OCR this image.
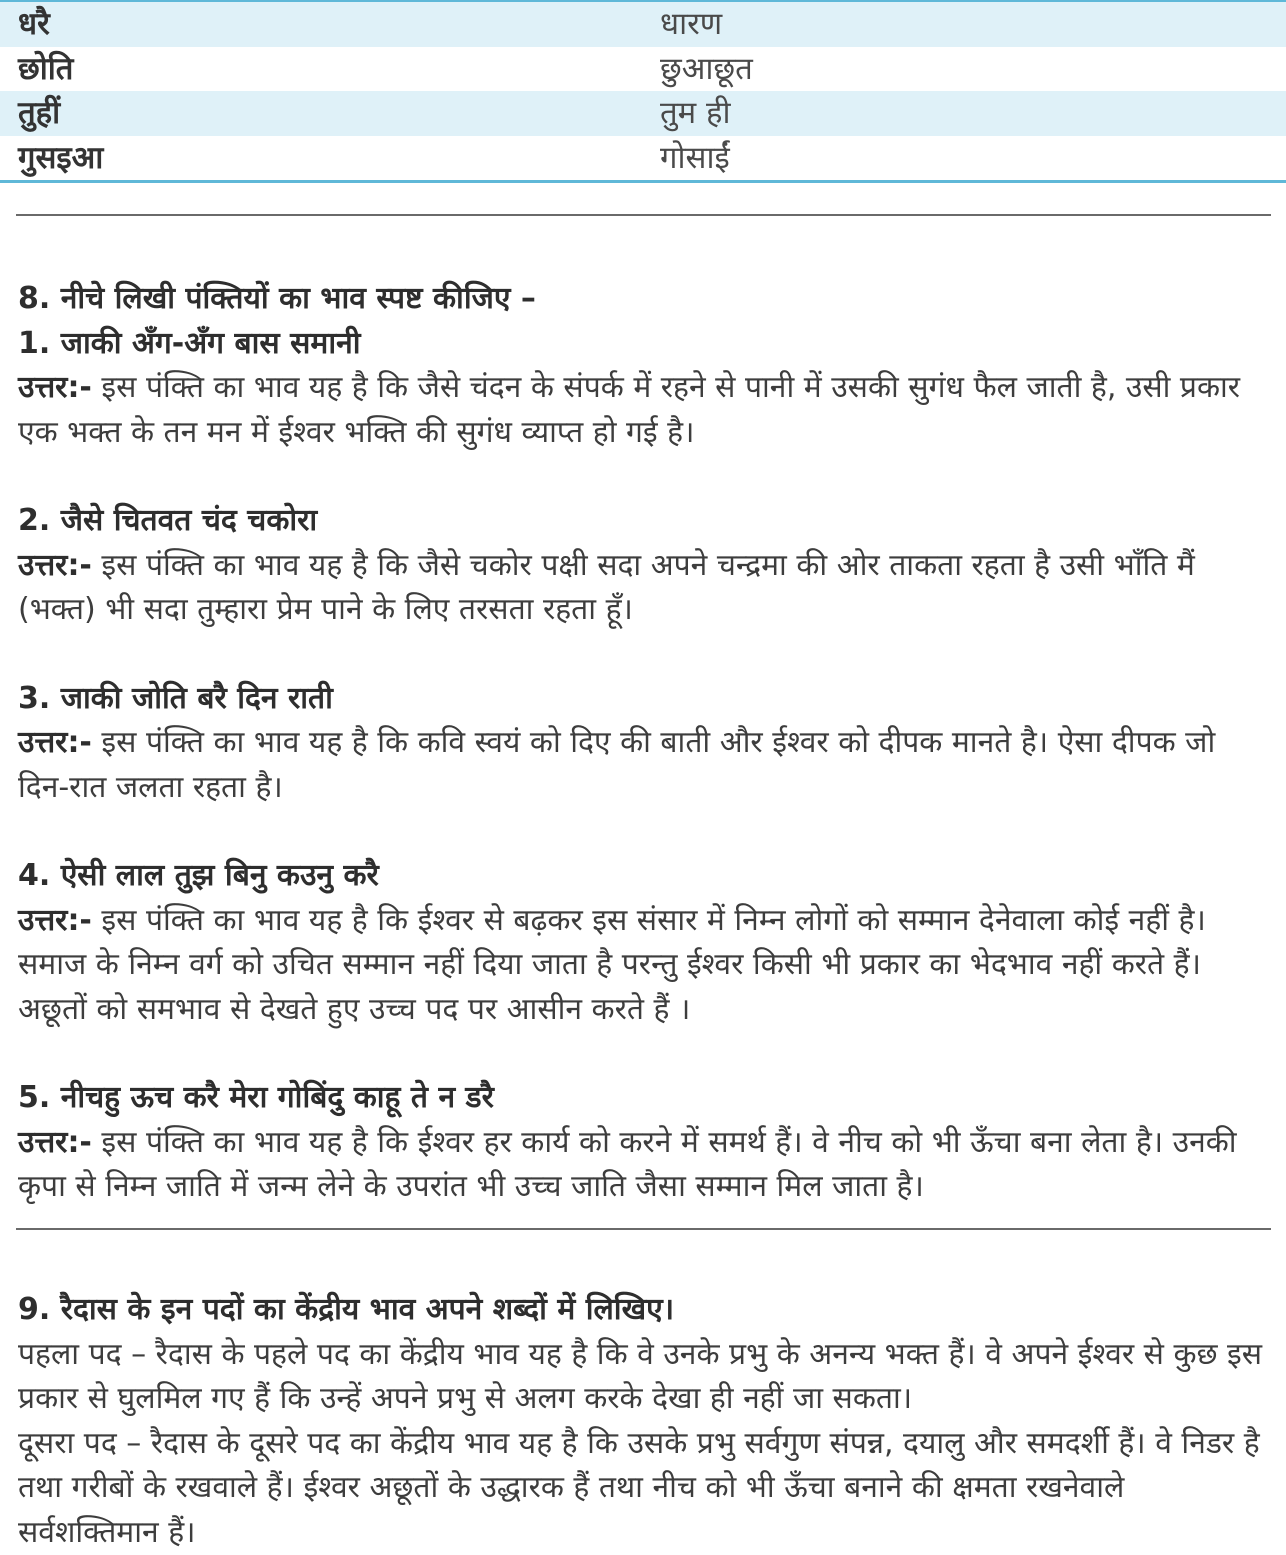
धरै	धारण
छोति	छुआछूत
तुहीं	तुम ही
गुसइआ	गोसाईं
8. नीचे लिखी पंक्तियों का भाव स्पष्ट कीजिए –
1. जाकी अँग-अँग बास समानी

उत्तर:- इस पंक्ति का भाव यह है कि जैसे चंदन के संपर्क में रहने से पानी में उसकी सुगंध फैल जाती है, उसी प्रकार एक भक्त के तन मन में ईश्वर भक्ति की सुगंध व्याप्त हो गई है।

2. जैसे चितवत चंद चकोरा

उत्तर:- इस पंक्ति का भाव यह है कि जैसे चकोर पक्षी सदा अपने चन्द्रमा की ओर ताकता रहता है उसी भाँति मैं (भक्त) भी सदा तुम्हारा प्रेम पाने के लिए तरसता रहता हूँ।

3. जाकी जोति बरै दिन राती

उत्तर:- इस पंक्ति का भाव यह है कि कवि स्वयं को दिए की बाती और ईश्वर को दीपक मानते है। ऐसा दीपक जो दिन-रात जलता रहता है।

4. ऐसी लाल तुझ बिनु कउनु करै

उत्तर:- इस पंक्ति का भाव यह है कि ईश्वर से बढ़कर इस संसार में निम्न लोगों को सम्मान देनेवाला कोई नहीं है। समाज के निम्न वर्ग को उचित सम्मान नहीं दिया जाता है परन्तु ईश्वर किसी भी प्रकार का भेदभाव नहीं करते हैं। अछूतों को समभाव से देखते हुए उच्च पद पर आसीन करते हैं ।

5. नीचहु ऊच करै मेरा गोबिंदु काहू ते न डरै

उत्तर:- इस पंक्ति का भाव यह है कि ईश्वर हर कार्य को करने में समर्थ हैं। वे नीच को भी ऊँचा बना लेता है। उनकी कृपा से निम्न जाति में जन्म लेने के उपरांत भी उच्च जाति जैसा सम्मान मिल जाता है।

9. रैदास के इन पदों का केंद्रीय भाव अपने शब्दों में लिखिए।

पहला पद – रैदास के पहले पद का केंद्रीय भाव यह है कि वे उनके प्रभु के अनन्य भक्त हैं। वे अपने ईश्वर से कुछ इस प्रकार से घुलमिल गए हैं कि उन्हें अपने प्रभु से अलग करके देखा ही नहीं जा सकता।

दूसरा पद – रैदास के दूसरे पद का केंद्रीय भाव यह है कि उसके प्रभु सर्वगुण संपन्न, दयालु और समदर्शी हैं। वे निडर है तथा गरीबों के रखवाले हैं। ईश्वर अछूतों के उद्धारक हैं तथा नीच को भी ऊँचा बनाने की क्षमता रखनेवाले सर्वशक्तिमान हैं।
